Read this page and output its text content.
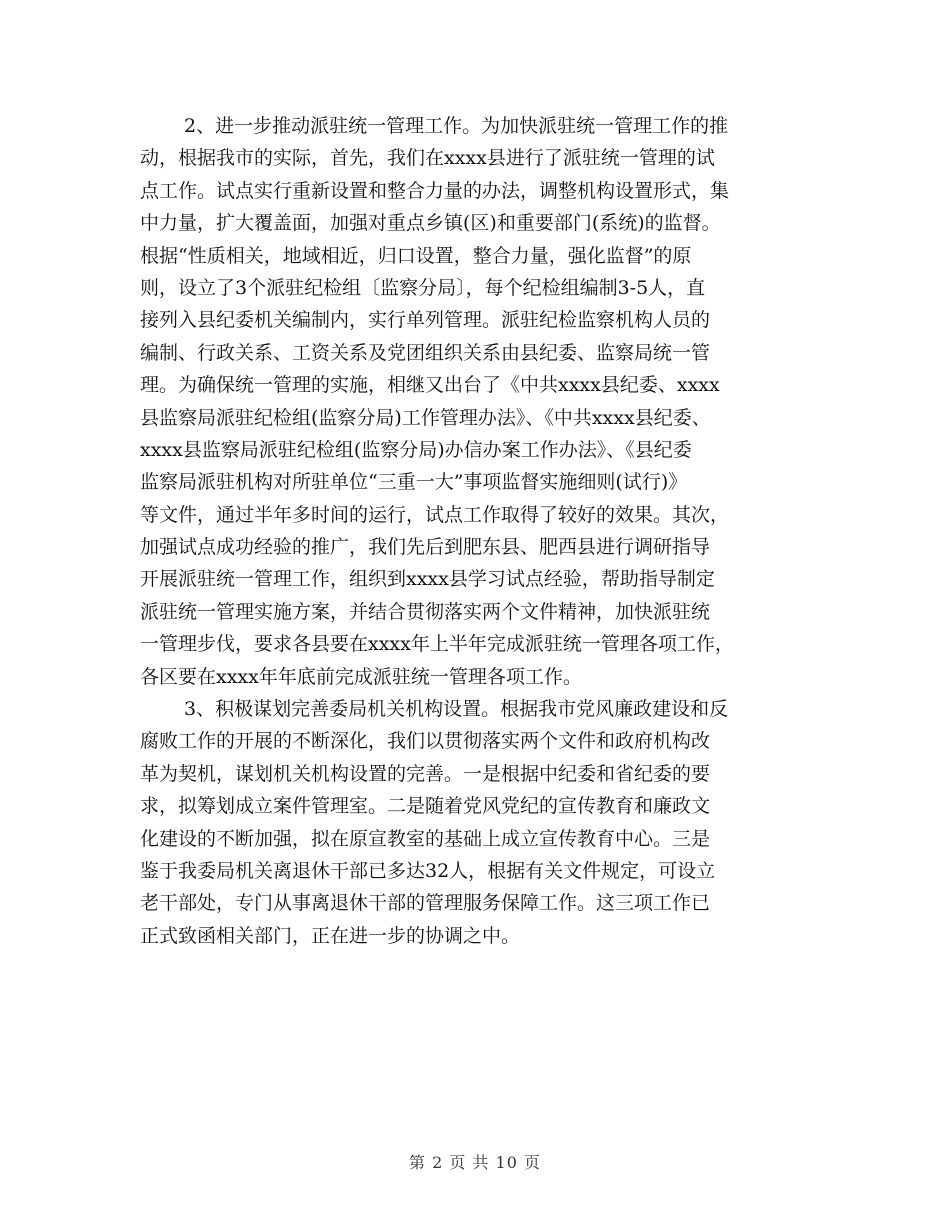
2、进一步推动派驻统一管理工作。为加快派驻统一管理工作的推
动，根据我市的实际，首先，我们在xxxx县进行了派驻统一管理的试
点工作。试点实行重新设置和整合力量的办法，调整机构设置形式，集
中力量，扩大覆盖面，加强对重点乡镇(区)和重要部门(系统)的监督。
根据“性质相关，地域相近，归口设置，整合力量，强化监督”的原
则，设立了3个派驻纪检组〔监察分局〕，每个纪检组编制3-5人，直
接列入县纪委机关编制内，实行单列管理。派驻纪检监察机构人员的
编制、行政关系、工资关系及党团组织关系由县纪委、监察局统一管
理。为确保统一管理的实施，相继又出台了《中共xxxx县纪委、xxxx
县监察局派驻纪检组(监察分局)工作管理办法》、《中共xxxx县纪委、
xxxx县监察局派驻纪检组(监察分局)办信办案工作办法》、《县纪委
监察局派驻机构对所驻单位“三重一大”事项监督实施细则(试行)》
等文件，通过半年多时间的运行，试点工作取得了较好的效果。其次，
加强试点成功经验的推广，我们先后到肥东县、肥西县进行调研指导
开展派驻统一管理工作，组织到xxxx县学习试点经验，帮助指导制定
派驻统一管理实施方案，并结合贯彻落实两个文件精神，加快派驻统
一管理步伐，要求各县要在xxxx年上半年完成派驻统一管理各项工作，
各区要在xxxx年年底前完成派驻统一管理各项工作。
3、积极谋划完善委局机关机构设置。根据我市党风廉政建设和反
腐败工作的开展的不断深化，我们以贯彻落实两个文件和政府机构改
革为契机，谋划机关机构设置的完善。一是根据中纪委和省纪委的要
求，拟筹划成立案件管理室。二是随着党风党纪的宣传教育和廉政文
化建设的不断加强，拟在原宣教室的基础上成立宣传教育中心。三是
鉴于我委局机关离退休干部已多达32人，根据有关文件规定，可设立
老干部处，专门从事离退休干部的管理服务保障工作。这三项工作已
正式致函相关部门，正在进一步的协调之中。
第 2 页 共 10 页
